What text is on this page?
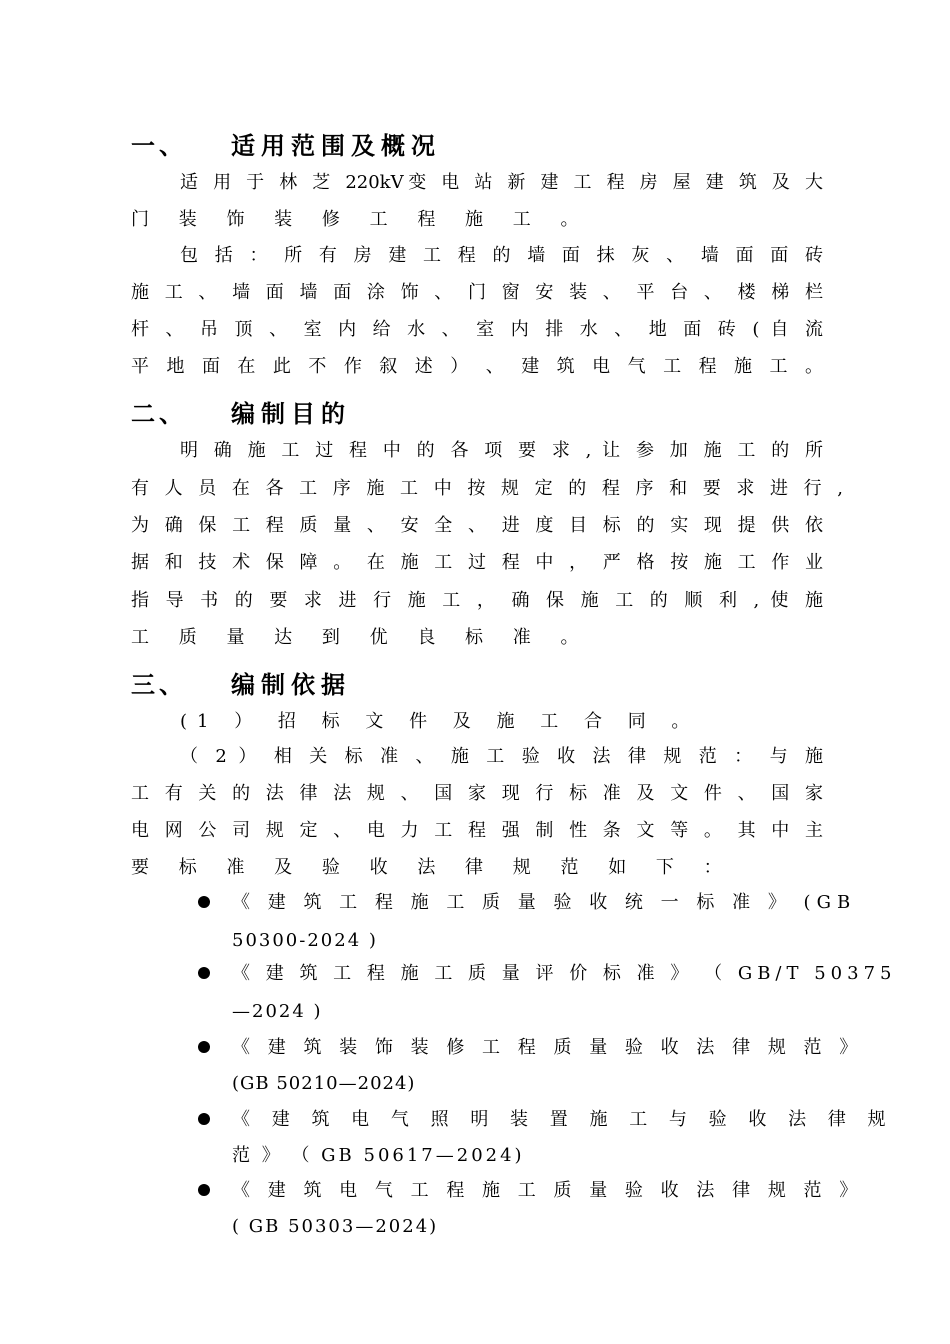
一、 适用范围及概况
适 用 于 林 芝 220kV变 电 站 新 建 工 程 房 屋 建 筑 及 大
门 装 饰 装 修 工 程 施 工 。
包 括 ： 所 有 房 建 工 程 的 墙 面 抹 灰 、 墙 面 面 砖
施 工 、 墙 面 墙 面 涂 饰 、 门 窗 安 装 、 平 台 、 楼 梯 栏
杆 、 吊 顶 、 室 内 给 水 、 室 内 排 水 、 地 面 砖 ( 自 流
平 地 面 在 此 不 作 叙 述 ） 、 建 筑 电 气 工 程 施 工 。
二、 编制目的
明 确 施 工 过 程 中 的 各 项 要 求 , 让 参 加 施 工 的 所
有 人 员 在 各 工 序 施 工 中 按 规 定 的 程 序 和 要 求 进 行 ,
为 确 保 工 程 质 量 、 安 全 、 进 度 目 标 的 实 现 提 供 依
据 和 技 术 保 障 。 在 施 工 过 程 中 ， 严 格 按 施 工 作 业
指 导 书 的 要 求 进 行 施 工 ， 确 保 施 工 的 顺 利 , 使 施
工 质 量 达 到 优 良 标 准 。
三、 编制依据
(1 ） 招 标 文 件 及 施 工 合 同 。
（ 2 ） 相 关 标 准 、 施 工 验 收 法 律 规 范 ： 与 施
工 有 关 的 法 律 法 规 、 国 家 现 行 标 准 及 文 件 、 国 家
电 网 公 司 规 定 、 电 力 工 程 强 制 性 条 文 等 。 其 中 主
要 标 准 及 验 收 法 律 规 范 如 下 ：
《 建 筑 工 程 施 工 质 量 验 收 统 一 标 准 》 (GB
50300-2024 )
《 建 筑 工 程 施 工 质 量 评 价 标 准 》 （ GB/T 50375
—2024 )
《 建 筑 装 饰 装 修 工 程 质 量 验 收 法 律 规 范 》
(GB 50210—2024)
《 建 筑 电 气 照 明 装 置 施 工 与 验 收 法 律 规
范 》 （ GB 50617—2024)
《 建 筑 电 气 工 程 施 工 质 量 验 收 法 律 规 范 》
( GB 50303—2024)
